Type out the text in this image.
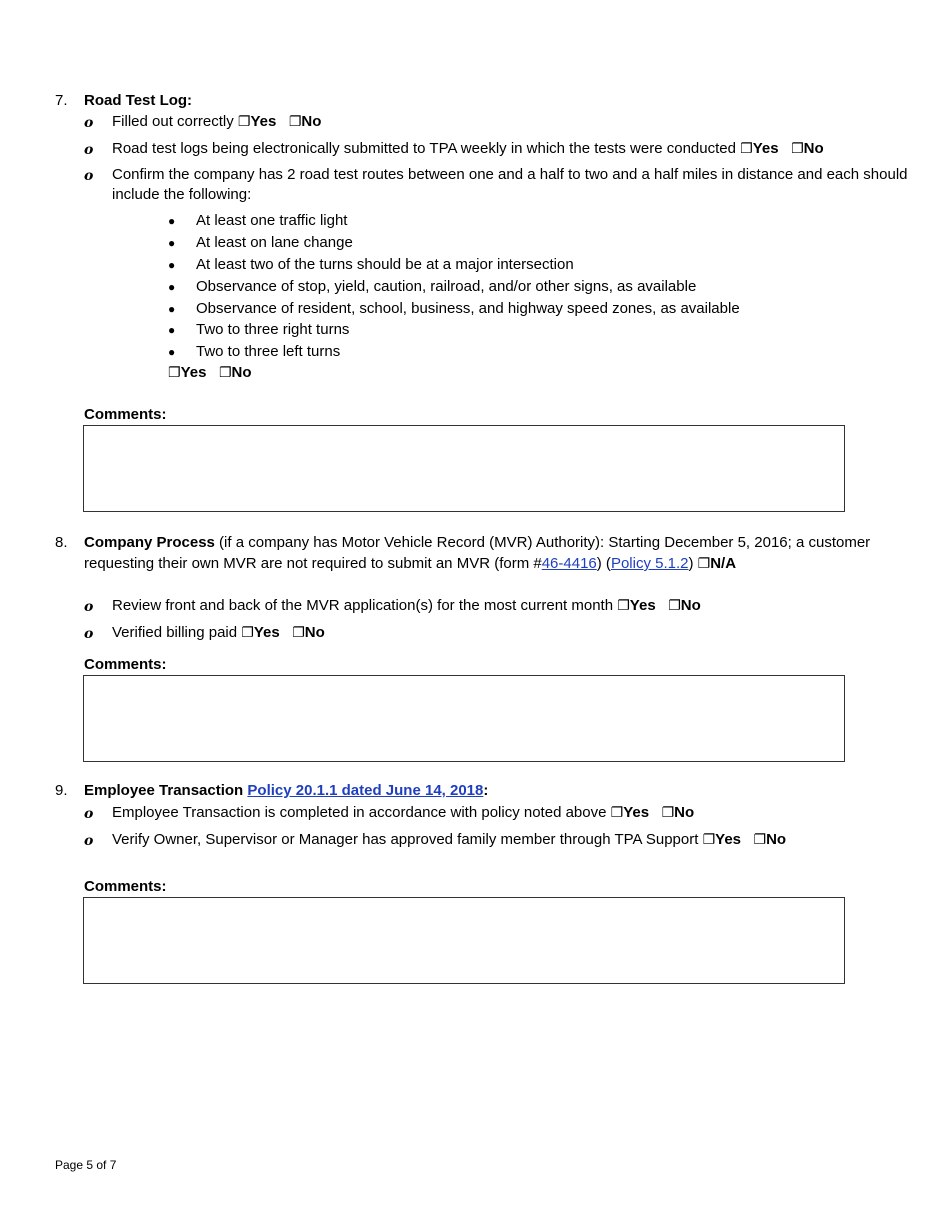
7. Road Test Log:
o Filled out correctly ❐Yes ❐No
o Road test logs being electronically submitted to TPA weekly in which the tests were conducted ❐Yes ❐No
o Confirm the company has 2 road test routes between one and a half to two and a half miles in distance and each should include the following:
● At least one traffic light
● At least on lane change
● At least two of the turns should be at a major intersection
● Observance of stop, yield, caution, railroad, and/or other signs, as available
● Observance of resident, school, business, and highway speed zones, as available
● Two to three right turns
● Two to three left turns
❐Yes ❐No
Comments:
8. Company Process (if a company has Motor Vehicle Record (MVR) Authority): Starting December 5, 2016; a customer
requesting their own MVR are not required to submit an MVR (form #46-4416) (Policy 5.1.2) ❐N/A
o Review front and back of the MVR application(s) for the most current month ❐Yes ❐No
o Verified billing paid ❐Yes ❐No
Comments:
9. Employee Transaction Policy 20.1.1 dated June 14, 2018:
o Employee Transaction is completed in accordance with policy noted above ❐Yes ❐No
o Verify Owner, Supervisor or Manager has approved family member through TPA Support ❐Yes ❐No
Comments:
Page 5 of 7
